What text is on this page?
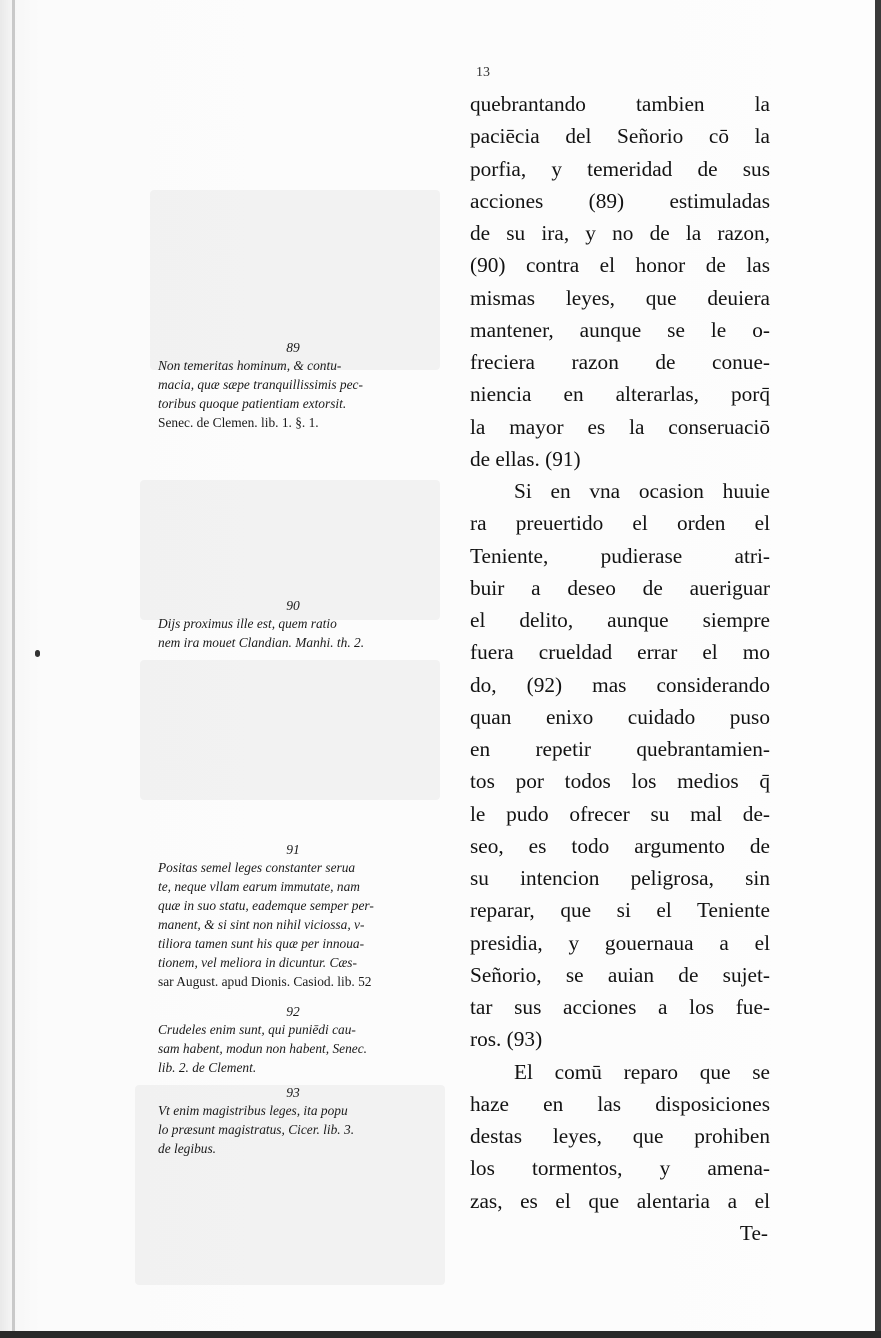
89

Non temeritas hominum, & contu-

macia, quæ sæpe tranquillissimis pec-

toribus quoque patientiam extorsit.

Senec. de Clemen. lib. 1. §. 1.

90

Dijs proximus ille est, quem ratio

nem ira mouet Clandian. Manhi. th. 2.

91

Positas semel leges constanter serua

te, neque vllam earum immutate, nam

quæ in suo statu, eademque semper per-

manent, & si sint non nihil viciossa, v-

tiliora tamen sunt his quæ per innoua-

tionem, vel meliora in dicuntur. Cæs-

sar August. apud Dionis. Casiod. lib. 52

92

Crudeles enim sunt, qui puniēdi cau-

sam habent, modun non habent, Senec.

lib. 2. de Clement.

93

Vt enim magistribus leges, ita popu

lo præsunt magistratus, Cicer. lib. 3.

de legibus.

13
quebrantando tambien la
paciēcia del Señorio cō la
porfia, y temeridad de sus
acciones (89) estimuladas
de su ira, y no de la razon,
(90) contra el honor de las
mismas leyes, que deuiera
mantener, aunque se le o-
freciera razon de conue-
niencia en alterarlas, porq̄
la mayor es la conseruaciō
de ellas. (91)
Si en vna ocasion huuie
ra preuertido el orden el
Teniente, pudierase atri-
buir a deseo de aueriguar
el delito, aunque siempre
fuera crueldad errar el mo
do, (92) mas considerando
quan enixo cuidado puso
en repetir quebrantamien-
tos por todos los medios q̄
le pudo ofrecer su mal de-
seo, es todo argumento de
su intencion peligrosa, sin
reparar, que si el Teniente
presidia, y gouernaua a el
Señorio, se auian de sujet-
tar sus acciones a los fue-
ros. (93)
El comū reparo que se
haze en las disposiciones
destas leyes, que prohiben
los tormentos, y amena-
zas, es el que alentaria a el
Te-
